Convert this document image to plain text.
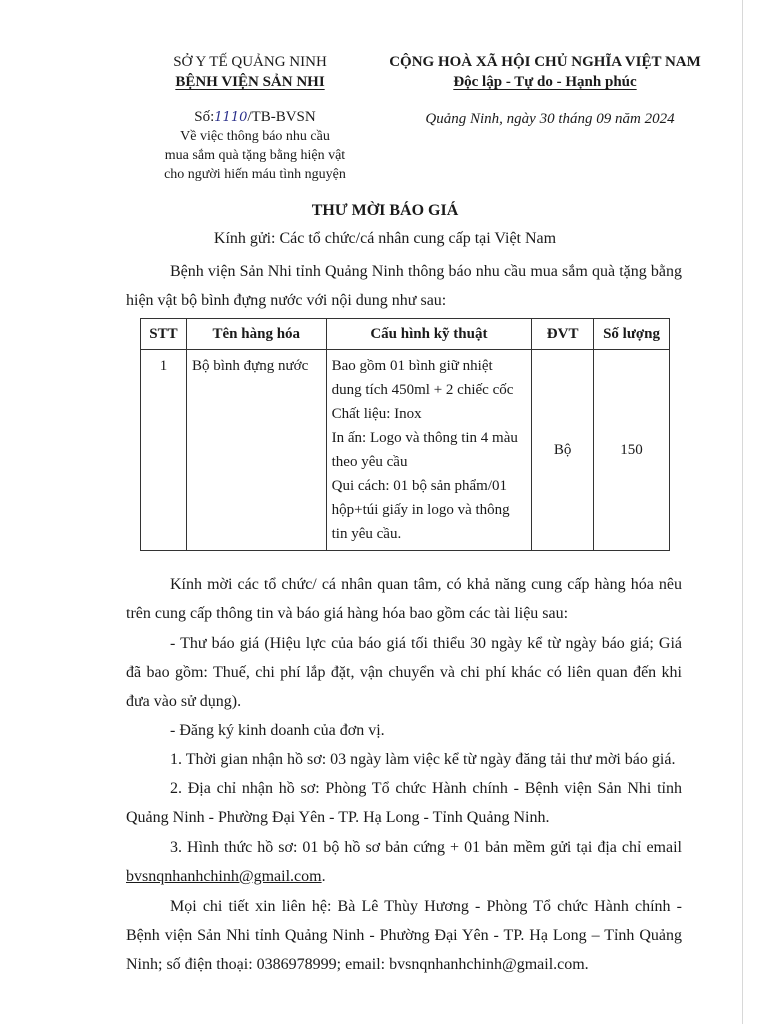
SỞ Y TẾ QUẢNG NINH
BỆNH VIỆN SẢN NHI
CỘNG HOÀ XÃ HỘI CHỦ NGHĨA VIỆT NAM
Độc lập - Tự do - Hạnh phúc
Số:1110/TB-BVSN
Về việc thông báo nhu cầu
mua sắm quà tặng bằng hiện vật
cho người hiến máu tình nguyện
Quảng Ninh, ngày 30 tháng 09 năm 2024
THƯ MỜI BÁO GIÁ
Kính gửi: Các tổ chức/cá nhân cung cấp tại Việt Nam
Bệnh viện Sản Nhi tỉnh Quảng Ninh thông báo nhu cầu mua sắm quà tặng bằng hiện vật bộ bình đựng nước với nội dung như sau:
STT	Tên hàng hóa	Cấu hình kỹ thuật	ĐVT	Số lượng
1	Bộ bình đựng nước	Bao gồm 01 bình giữ nhiệt dung tích 450ml + 2 chiếc cốc
Chất liệu: Inox
In ấn: Logo và thông tin 4 màu theo yêu cầu
Qui cách: 01 bộ sản phẩm/01 hộp+túi giấy in logo và thông tin yêu cầu.	Bộ	150
Kính mời các tổ chức/ cá nhân quan tâm, có khả năng cung cấp hàng hóa nêu trên cung cấp thông tin và báo giá hàng hóa bao gồm các tài liệu sau:
- Thư báo giá (Hiệu lực của báo giá tối thiểu 30 ngày kể từ ngày báo giá; Giá đã bao gồm: Thuế, chi phí lắp đặt, vận chuyển và chi phí khác có liên quan đến khi đưa vào sử dụng).
- Đăng ký kinh doanh của đơn vị.
1. Thời gian nhận hồ sơ: 03 ngày làm việc kể từ ngày đăng tải thư mời báo giá.
2. Địa chỉ nhận hồ sơ: Phòng Tổ chức Hành chính - Bệnh viện Sản Nhi tỉnh Quảng Ninh - Phường Đại Yên - TP. Hạ Long - Tỉnh Quảng Ninh.
3. Hình thức hồ sơ: 01 bộ hồ sơ bản cứng + 01 bản mềm gửi tại địa chỉ email bvsnqnhanhchinh@gmail.com.
Mọi chi tiết xin liên hệ: Bà Lê Thùy Hương - Phòng Tổ chức Hành chính - Bệnh viện Sản Nhi tỉnh Quảng Ninh - Phường Đại Yên - TP. Hạ Long – Tỉnh Quảng Ninh; số điện thoại: 0386978999; email: bvsnqnhanhchinh@gmail.com.
